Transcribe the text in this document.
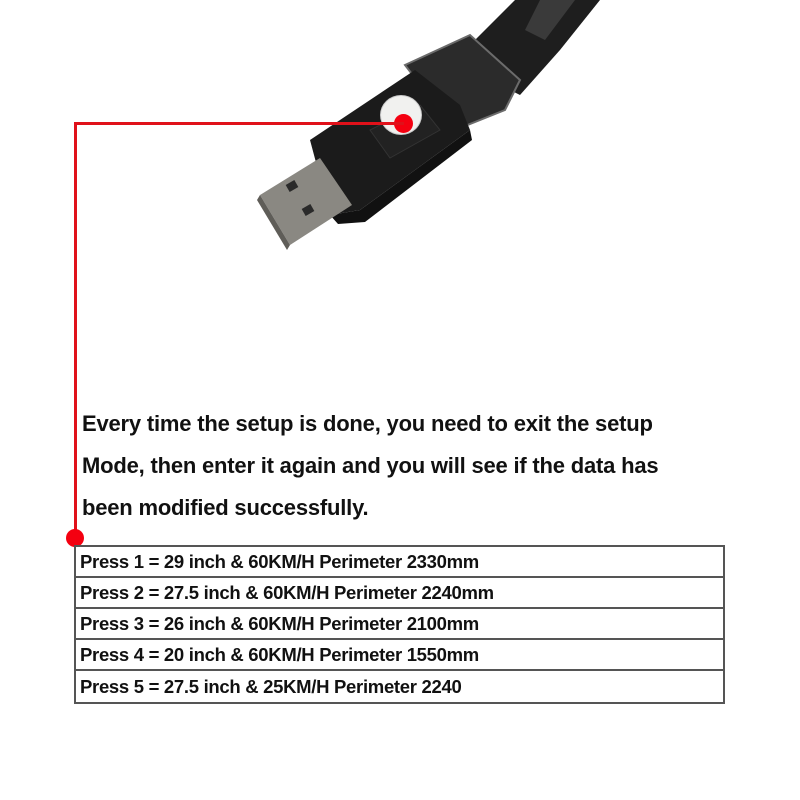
Every time the setup is done, you need to exit the setup
Mode, then enter it again and you will see if the data has
been modified successfully.
Press 1 = 29 inch & 60KM/H Perimeter 2330mm
Press 2 = 27.5 inch & 60KM/H Perimeter 2240mm
Press 3 = 26 inch & 60KM/H Perimeter 2100mm
Press 4 = 20 inch & 60KM/H Perimeter 1550mm
Press 5 = 27.5 inch & 25KM/H Perimeter 2240
